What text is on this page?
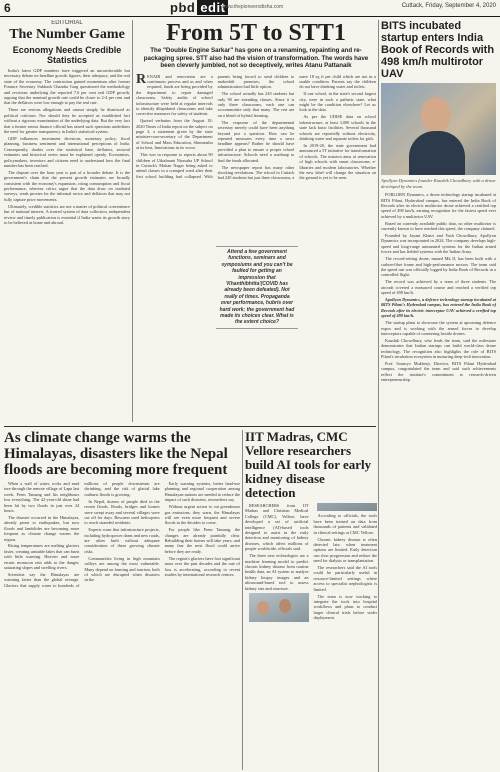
6	pbd edit
www.thepioneerodisha.com	Cuttack, Friday, September 4, 2020

EDITORIAL

The Number Game
Economy Needs Credible Statistics

India's latest GDP numbers have triggered an uncomfortable but necessary debate on headline growth figures, their adequacy, and the real state of the economy. The contraction gained momentum after former Finance Secretary Subhash Chandra Garg questioned the methodology and revisions underlying the reported 7.6 per cent real GDP growth, arguing that the nominal growth rate could be closer to 2-4 per cent and that the deflators were low enough to pay the real rate.

These are serious allegations and cannot simply be dismissed as political criticism. Nor should they be accepted as established fact without a rigorous examination of the underlying data. But the very fact that a former senior finance official has raised such questions underlines the need for greater transparency in India's statistical system.

GDP influences investment decisions, monetary policy, fiscal planning, business sentiment and international perceptions of India. Consequently, doubts over the statistical base, deflators, sectoral estimates and historical series must be explained openly. Economists, policymakers, investors and citizens need to understand how the final number has been reached.

The dispute over the base year is part of a broader debate. It is the government's claim that the present growth estimates are broadly consistent with the economy's expansion, rising consumption and fiscal performance, whereas critics argue that the data draw on outdated surveys, weak proxies for the informal sector and deflators that may not fully capture price movements.

Ultimately, credible statistics are not a matter of political convenience but of national interest. A trusted system of data collection, independent review and timely publication is essential if India wants its growth story to be believed at home and abroad.

From 5T to STT1
The "Double Engine Sarkar" has gone on a renaming, repainting and re-packaging spree. STT also had the vision of transformation. The words have been cleverly jumbled, not so deceptively, writes Atanu Pattanaik

RENAIR and renovation are a continuous process and as and when required, funds are being provided by the department to repair damaged classrooms. Safety audits of school infrastructure were held at regular intervals to identify dilapidated classrooms and take corrective measures for safety of students.

Quoted verbatim from the August 18, 2020 Times of India report on the subject on page 3, a statement given by the state minister-cum-secretary of the Department of School and Mass Education, Shimanshu at its best, Innovations in its worst.

This was in response to reports about 90 children of Utkalmani Nirasaba UP School in Cuttack's Mohan Nagar being asked to attend classes in a cramped ward after their first school building had collapsed. With parents being forced to send children to makeshift premises, the school administration had little option.

The school actually has 220 students but only 90 are attending classes. Since it is only three classrooms, each one can accommodate only that many. The rest are on a blend of hybrid learning.

The response of the departmental secretary merely could have been anything beyond just a question. How can he repeated measures every time a news headline appears? Rather he should have provided a plan to ensure a proper school infrastructure. Schools need a roadmap to find the funds allocated.

The newspaper report has many other shocking revelations. The school in Cuttack had 220 students but just three classrooms, a mere 18 sq ft per child which are not in a usable condition. Parents say the children do not have drinking water and toilets.

If one school, in the state's second largest city, were in such a pathetic state, what might be the condition elsewhere? Let us look at the data.

As per the UDISE data on school infrastructure, at least 3,000 schools in the state lack basic facilities. Several thousand schools are reportedly without electricity, drinking water and separate toilets for girls.

In 2019-20, the state government had announced a 5T initiative for transformation of schools. The mission aims at renovation of high schools with smart classrooms, e-libraries and modern laboratories. Whether the new label will change the situation on the ground is yet to be seen.

Attend a few government functions, seminars and symposiums and you can't be faulted for getting an impression that 'Khanthibhitta'(COVID has already been defeated). Not really of times. Propaganda over performance, hubris over hard work; the government had made its choices clear. What is the extent choice?
BITS incubated startup enters India Book of Records with 498 km/h multirotor UAV
Apollyon Dynamics founder Kaushik Chowdhury with a drone developed by the team.

FORLORN Dynamics, a drone technology startup incubated at BITS Pilani, Hyderabad campus, has entered the India Book of Records after its electric multirotor drone achieved a certified top speed of 498 km/h, earning recognition for the fastest speed ever achieved by a multirotor UAV.

Based on currently available public data, no other multirotor is currently known to have reached this speed, the company claimed.

Founded by Jayant Khatri and Yash Chowdhury, Apollyon Dynamics was incorporated in 2024. The company develops high-speed and long-range unmanned systems for the Indian armed forces and has fielded systems with the Indian Army.

The record-setting drone, named Mk II, has been built with a carbon-fibre frame and high-performance motors. The team said the speed run was officially logged by India Book of Records in a controlled flight.

The record was achieved by a team of three students. The aircraft covered a measured course and reached a verified top speed of 498 km/h.

Apollyon Dynamics, a defence technology startup incubated at BITS Pilani's Hyderabad campus, has entered the India Book of Records after its electric interceptor UAV achieved a verified top speed of 498 km/h.

The startup plans to showcase the system at upcoming defence expos and is working with the armed forces to develop interceptors capable of countering hostile drones.

Kaushik Chowdhury, who leads the team, said the milestone demonstrates that Indian startups can build world-class drone technology. The recognition also highlights the role of BITS Pilani's incubation ecosystem in nurturing deep-tech innovation.

Prof. Soumyo Mukherji, Director, BITS Pilani Hyderabad campus, congratulated the team and said such achievements reflect the institute's commitment to research-driven entrepreneurship.

As climate change warms the Himalayas, disasters like the Nepal floods are becoming more frequent

When a wall of water, rocks and mud tore through the remote village of Lapa last week, Prem Tamang and his neighbours lost everything. The 42-year-old shine had been hit by two floods in just over 24 hours.

The disaster occurred in the Himalayas, already prone to earthquakes, but now floods and landslides are becoming more frequent as climate change warms the region.

Rising temperatures are melting glaciers faster, creating unstable lakes that can burst with little warning. Heavier and more erratic monsoon rain adds to the danger, saturating slopes and swelling rivers.

Scientists say the Himalayas are warming faster than the global average. Glaciers that supply water to hundreds of millions of people downstream are shrinking, and the risk of glacial lake outburst floods is growing.

In Nepal, dozens of people died in the recent floods. Roads, bridges and homes were swept away and several villages were cut off for days. Rescuers used helicopters to reach stranded residents.

Experts warn that infrastructure projects, including hydropower dams and new roads, are often built without adequate consideration of these growing climate risks.

Communities living in high mountain valleys are among the most vulnerable. Many depend on farming and tourism, both of which are disrupted when disasters strike.

Early warning systems, better land-use planning and regional cooperation among Himalayan nations are needed to reduce the impact of such disasters, researchers say.

Without urgent action to cut greenhouse gas emissions, they warn, the Himalayas will see even more frequent and severe floods in the decades to come.

For people like Prem Tamang, the changes are already painfully clear. Rebuilding their homes will take years, and many fear the next flood could arrive before they are ready.

The region's glaciers have lost significant mass over the past decades and the rate of loss is accelerating, according to recent studies by international research centres.

IIT Madras, CMC Vellore researchers build AI tools for early kidney disease detection

RESEARCHERS from IIT Madras and Christian Medical College (CMC), Vellore, have developed a set of artificial intelligence (AI)-based tools designed to assist in the early detection and monitoring of kidney diseases, which affect millions of people worldwide, officials said.

The three new technologies are a machine learning model to predict chronic kidney disease from routine health data, an AI system to analyse kidney biopsy images and an ultrasound-based tool to assess kidney size and structure.

According to officials, the tools have been trained on data from thousands of patients and validated in clinical settings at CMC Vellore.

Chronic kidney disease is often detected late, when treatment options are limited. Early detection can slow progression and reduce the need for dialysis or transplantation.

The researchers said the AI tools could be particularly useful in resource-limited settings where access to specialist nephrologists is limited.

The team is now working to integrate the tools into hospital workflows and plans to conduct larger clinical trials before wider deployment.
